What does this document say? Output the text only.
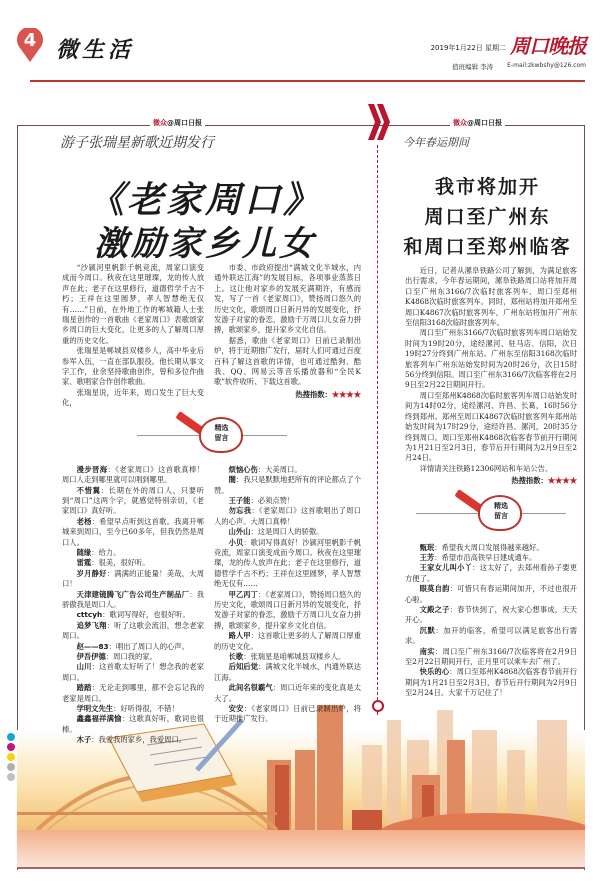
4 微生活	2019年1月22日 星期二 周口晚报
值班编辑 李涛 E-mail:zkwbshy@126.com
微众@周口日报	微众@周口日报
游子张瑞星新歌近期发行
《老家周口》
激励家乡儿女

“沙颍河里帆影千帆竞流，周家口演变成而今周口。秋夜在这里璀璨，龙的传人放声在此；老子在这里修行，道德哲学千古不朽；王祥在这里圆梦，孝人智慧绝无仅有……”日前，在外地工作的郸城籍人士张瑞星创作的一首歌曲《老家周口》表歌颂家乡周口的巨大变化，让更多的人了解周口厚重的历史文化。

张瑞星是郸城县双楼乡人，高中毕业后参军入伍，一直在部队服役。他长期从事文字工作，业余坚持歌曲创作，曾和多位作曲家、歌唱家合作创作歌曲。

张瑞星说，近年来，周口发生了巨大变化，

市委、市政府提出“满城文化半城水，内通外联达江海”的发展目标，各项事业蒸蒸日上。这让他对家乡的发展充满期许，有感而发，写了一首《老家周口》，赞扬周口悠久的历史文化，歌颂周口日新月异的发展变化，抒发游子对家的眷恋，激励千万周口儿女奋力拼搏，歌颂家乡，提升家乡文化自信。

据悉，歌曲《老家周口》日前已录制出炉，将于近期推广发行，届时人们可通过百度百科了解这首歌的详情，也可通过酷狗、酷我、QQ、网易云等音乐播放器和“全民K歌”软件收听、下载这首歌。

热搜指数：★★★★
精选
留言

漫步晋海：《老家周口》这首歌真棒！周口人走到哪里就可以唱到哪里。

不惜翼：长期在外的周口人，只要听到“周口”这两个字，就感觉特别亲切，《老家周口》真好听。

老杨：希望早点听到这首歌。我离开郸城来到周口，至今已60多年，但我仍然是周口人。

随缘：给力。

雷霆：很美，很好听。

岁月静好：满满的正能量！美哉，大周口！

天津建镜腾飞广告公司生产制品厂：我骄傲我是周口人。

cttcyh：歌词写得好，也很好听。

追梦飞翔：听了这歌会流泪，想念老家周口。

赵——83：唱出了周口人的心声。

伊吾伊德：周口我的家。

山川：这首歌太好听了！想念我的老家周口。

踏踏：无论走到哪里，都不会忘记我的老家是周口。

学明文先生：好听得很，不错！

鑫鑫福祥满愉：这歌真好听，歌词也很棒。

木子：我爱我的家乡，我爱周口。

烦恼心伤：大美周口。

闇：我只是默默地把所有的评论都点了个赞。

王子能：必须点赞！

勿忘我：《老家周口》这首歌唱出了周口人的心声。大周口真棒！

山外山：这是周口人的骄傲。

小贝：歌词写得真好！沙颍河里帆影千帆竞流，周家口演变成而今周口。秋夜在这里璀璨，龙的传人放声在此；老子在这里修行，道德哲学千古不朽；王祥在这里圆梦，孝人智慧绝无仅有……

甲乙丙丁：《老家周口》，赞扬周口悠久的历史文化，歌颂周口日新月异的发展变化，抒发游子对家的眷恋，激励千万周口儿女奋力拼搏，歌颂家乡，提升家乡文化自信。

路人甲：这首歌让更多的人了解周口厚重的历史文化。

长歌：张瑞星是咱郸城县双楼乡人。

后知后觉：满城文化半城水，内通外联达江海。

此间名很霸气：周口近年来的变化真是太大了。

安安：《老家周口》日前已录制出炉，将于近期推广发行。

今年春运期间
我市将加开
周口至广州东
和周口至郑州临客

近日，记者从漯阜铁路公司了解到，为满足旅客出行需求，今年春运期间，漯阜铁路周口站将加开周口至广州东3166/7次临时旅客列车、周口至郑州K4868次临时旅客列车。同时，郑州站将加开郑州至周口K4867次临时旅客列车，广州东站将加开广州东至信阳3168次临时旅客列车。

周口至广州东3166/7次临时旅客列车周口站始发时间为19时20分，途经漯河、驻马店、信阳，次日19时27分终到广州东站。广州东至信阳3168次临时旅客列车广州东站始发时间为20时26分，次日15时56分终到信阳。周口至广州东3166/7次临客将在2月9日至2月22日期间开行。

周口至郑州K4868次临时旅客列车周口站始发时间为14时02分，途经漯河、许昌、长葛，16时56分终到郑州。郑州至周口K4867次临时旅客列车郑州站始发时间为17时29分，途经许昌、漯河，20时35分终到周口。周口至郑州K4868次临客春节前开行期间为1月21日至2月3日，春节后开行期间为2月9日至2月24日。

详情请关注铁路12306网站和车站公告。

热搜指数：★★★★
精选
留言

甄珉：希望我大周口发展得越来越好。

王芳：希望市沿高铁早日建成通车。

王家女儿叫小丫：这太好了，去郑州看孙子要更方便了。

眼莫自韵：可惜只有春运期间加开，不过也很开心啦。

文殿之子：春节快到了，祝大家心想事成，天天开心。

沉默：加开的临客，希望可以满足旅客出行需求。

南实：周口至广州东3166/7次临客将在2月9日至2月22日期间开行，正月里可以乘车去广州了。

快乐的心：周口至郑州K4868次临客春节前开行期间为1月21日至2月3日，春节后开行期间为2月9日至2月24日。大家千万记住了！
